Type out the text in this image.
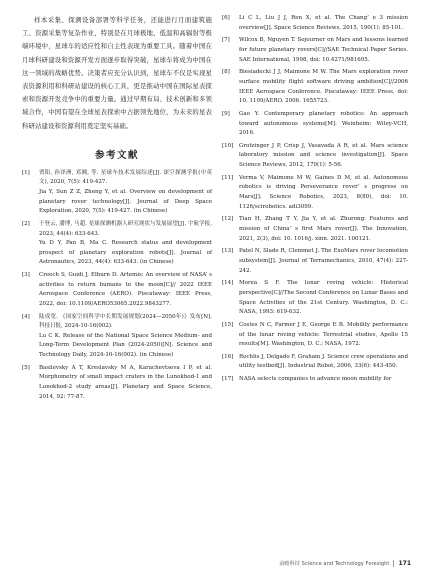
样本采集、探测设备部署等科学任务，还能进行月面建筑施工、资源采集等复杂作业，特别是在月球极地、低温和高辐射等极端环境中，星球车的适应性和自主性表现为重要工具。随着中国在月球科研建设和资源开发方面逐步取得突破，星球车将成为中国在这一领域的战略优势。决策者应充分认识到，星球车不仅是实现星表资源利用和科研站建设的核心工具，更是推动中国在国际星表探索和资源开发竞争中的重要力量。通过早期布局、技术创新和多领域合作，中国有望在全球星表探索中占据领先地位，为未来的星表科研站建设和资源利用奠定坚实基础。

参考文献
[1]	贾阳, 孙泽洲, 邓湘, 等. 星球车技术发展综述[J]. 深空探测学报(中英文), 2020, 7(5): 419-427.
Jia Y, Sun Z Z, Zheng Y, et al. Overview on development of planetary rover technology[J]. Journal of Deep Space Exploration, 2020, 7(5): 419-427. (in Chinese)
[2]	于登云, 潘博, 马超. 星球探测机器人研究现状与发展展望[J]. 宇航学报, 2023, 44(4): 633-643.
Yu D Y, Pan B, Ma C. Research status and development prospect of planetary exploration robots[J]. Journal of Astronautics, 2023, 44(4): 633-643. (in Chinese)
[3]	Creech S, Guidi J, Elburn D. Artemis: An overview of NASA’ s activities to return humans to the moon[C]// 2022 IEEE Aerospace Conference (AERO). Piscataway: IEEE Press, 2022, doi: 10.1109/AERO53065.2022.9843277.
[4]	陆成宽. 《国家空间科学中长期发展规划(2024—2050年)》发布[N]. 科技日报, 2024-10-16(002).
Lu C K. Release of the National Space Science Medium- and Long-Term Development Plan (2024-2050)[N]. Science and Technology Daily, 2024-10-16(002). (in Chinese)
[5]	Basilevsky A T, Kreslavsky M A, Karachevtseva I P, et al. Morphometry of small impact craters in the Lunokhod-1 and Lunokhod-2 study areas[J]. Planetary and Space Science, 2014, 92: 77-87.
[6]	Li C L, Liu J J, Ren X, et al. The Chang’ e 3 mission overview[J]. Space Science Reviews, 2015, 190(1): 85-101.
[7]	Wilcox B, Nguyen T. Sojourner on Mars and lessons learned for future planetary rovers[C]//SAE Technical Paper Series. SAE International, 1998, doi: 10.4271/981695.
[8]	Biesiadecki J J, Maimone M W. The Mars exploration rover surface mobility flight software driving ambition[C]//2006 IEEE Aerospace Conference. Piscataway: IEEE Press, doi: 10. 1109/AERO. 2006. 1655723.
[9]	Gao Y. Contemporary planetary robotics: An approach toward autonomous systems[M]. Weinheim: Wiley-VCH, 2016.
[10]	Grotzinger J P, Crisp J, Vasavada A R, et al. Mars science laboratory mission and science investigation[J]. Space Science Reviews, 2012, 170(1): 5-56.
[11]	Verma V, Maimone M W, Gaines D M, et al. Autonomous robotics is driving Perseverance rover’ s progress on Mars[J]. Science Robotics, 2023, 8(80), doi: 10. 1126/scirobotics. adi3099.
[12]	Tian H, Zhang T Y, Jia Y, et al. Zhurong: Features and mission of China’ s first Mars rover[J]. The Innovation, 2021, 2(3), doi: 10. 1016/j. xinn. 2021. 100121.
[13]	Patel N, Slade R, Clemmet J. The ExoMars rover locomotion subsystem[J]. Journal of Terramechanics, 2010, 47(4): 227-242.
[14]	Morea S F. The lunar roving vehicle: Historical perspective[C]//The Second Conference on Lunar Bases and Space Activities of the 21st Century. Washington, D. C.: NASA, 1993: 619-632.
[15]	Costes N C, Farmer J E, George E B. Mobility performance of the lunar roving vehicle: Terrestrial studies, Apollo 15 results[M]. Washington, D. C.: NASA, 1972.
[16]	Rochlis J, Delgado F, Graham J. Science crew operations and utility testbed[J]. Industrial Robot, 2006, 33(6): 443-450.
[17]	NASA selects companies to advance moon mobility for
前瞻科技
Science and Technology Foresight 171
